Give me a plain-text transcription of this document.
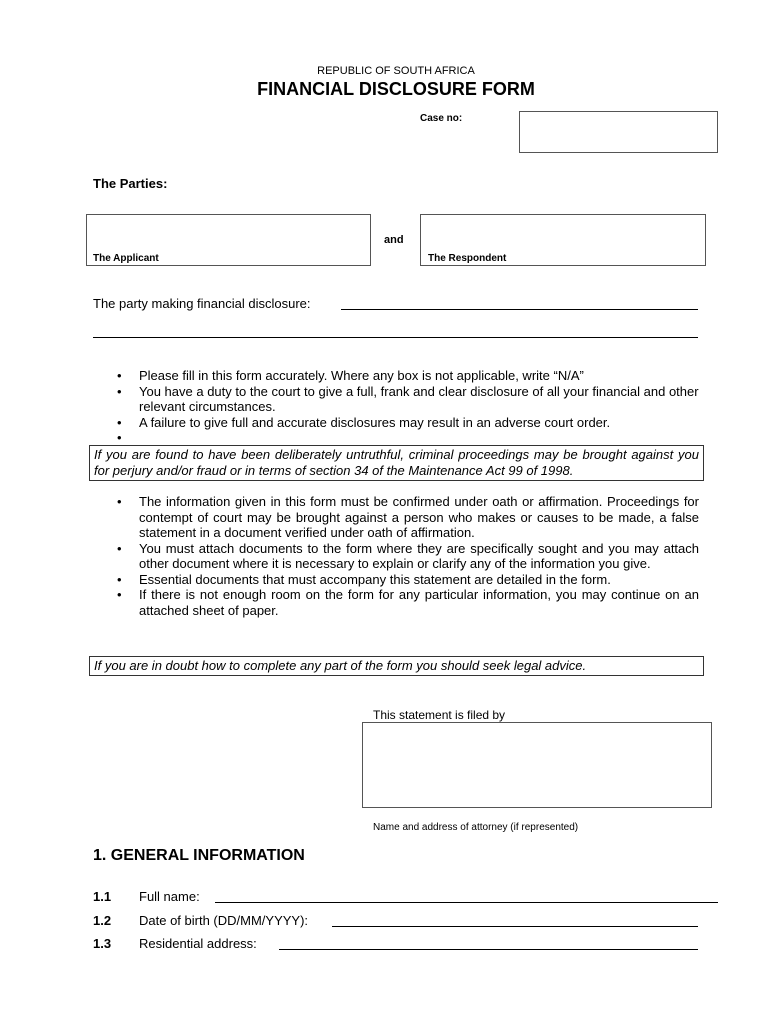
REPUBLIC OF SOUTH AFRICA
FINANCIAL DISCLOSURE FORM
Case no:
The Parties:
The Applicant
and
The Respondent
The party making financial disclosure:
• Please fill in this form accurately. Where any box is not applicable, write “N/A”
• You have a duty to the court to give a full, frank and clear disclosure of all your financial and other relevant circumstances.
• A failure to give full and accurate disclosures may result in an adverse court order.
•
If you are found to have been deliberately untruthful, criminal proceedings may be brought against you for perjury and/or fraud or in terms of section 34 of the Maintenance Act 99 of 1998.
• The information given in this form must be confirmed under oath or affirmation. Proceedings for contempt of court may be brought against a person who makes or causes to be made, a false statement in a document verified under oath of affirmation.
• You must attach documents to the form where they are specifically sought and you may attach other document where it is necessary to explain or clarify any of the information you give.
• Essential documents that must accompany this statement are detailed in the form.
• If there is not enough room on the form for any particular information, you may continue on an attached sheet of paper.
If you are in doubt how to complete any part of the form you should seek legal advice.
This statement is filed by
Name and address of attorney (if represented)
1. GENERAL INFORMATION
1.1 Full name:
1.2 Date of birth (DD/MM/YYYY):
1.3 Residential address:
